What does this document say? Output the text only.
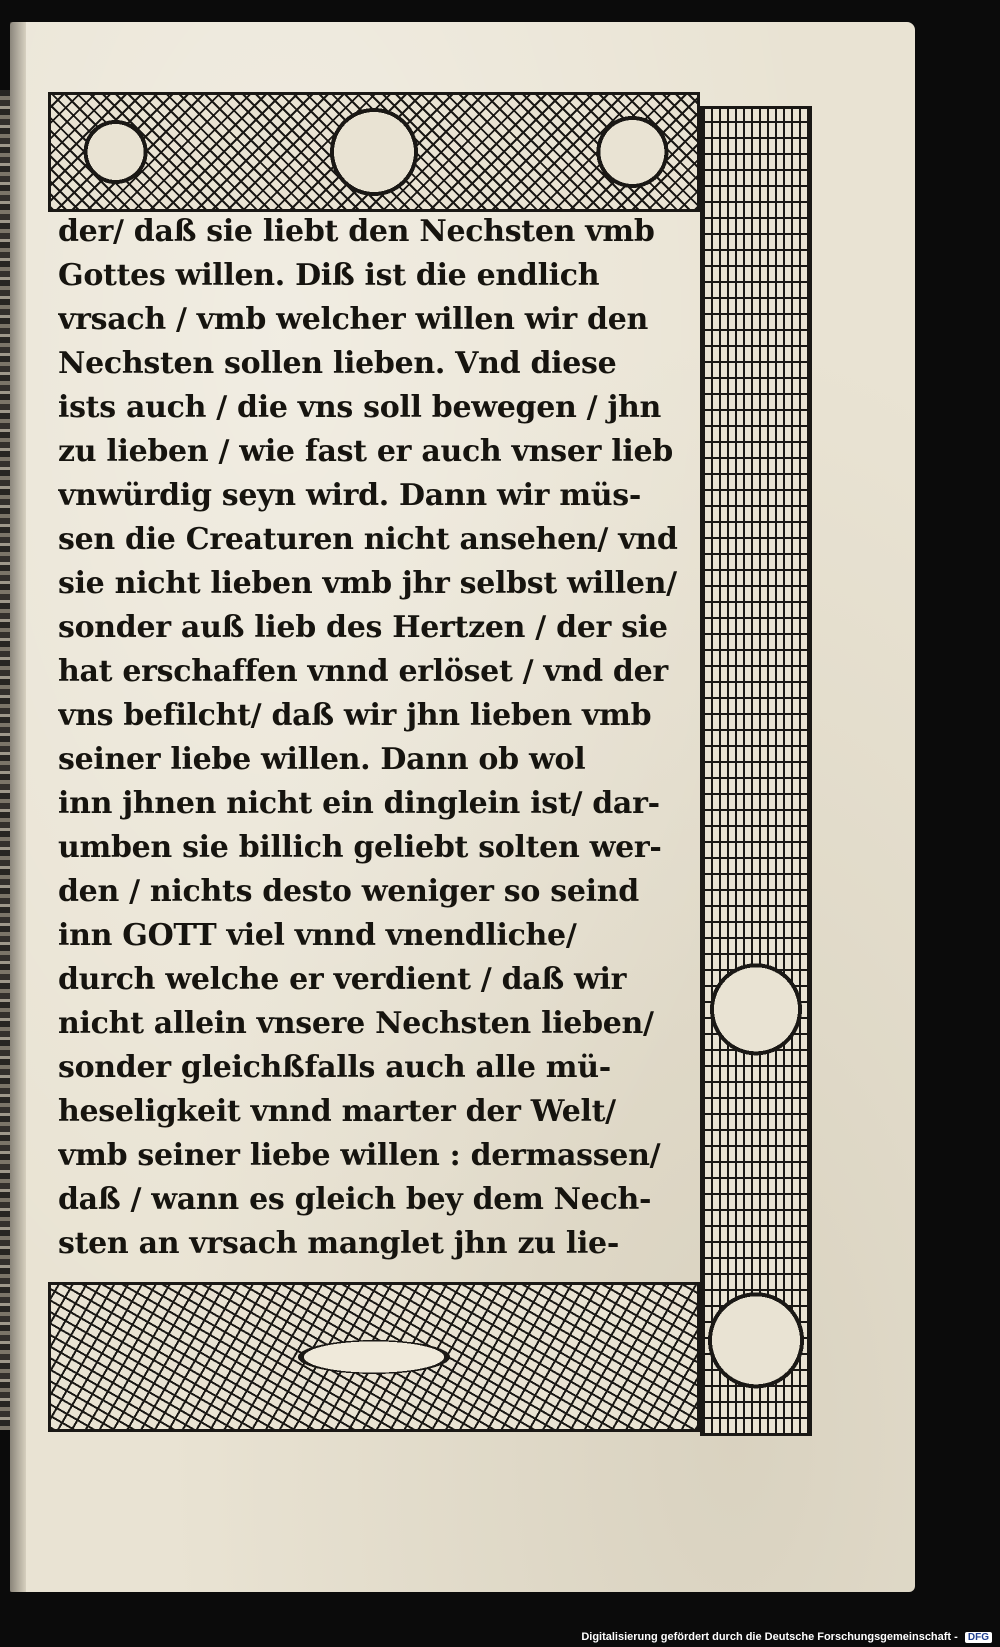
der/ daß sie liebt den Nechsten vmb
Gottes willen. Diß ist die endlich
vrsach / vmb welcher willen wir den
Nechsten sollen lieben. Vnd diese
ists auch / die vns soll bewegen / jhn
zu lieben / wie fast er auch vnser lieb
vnwürdig seyn wird. Dann wir müs-
sen die Creaturen nicht ansehen/ vnd
sie nicht lieben vmb jhr selbst willen/
sonder auß lieb des Hertzen / der sie
hat erschaffen vnnd erlöset / vnd der
vns befilcht/ daß wir jhn lieben vmb
seiner liebe willen. Dann ob wol
inn jhnen nicht ein dinglein ist/ dar-
umben sie billich geliebt solten wer-
den / nichts desto weniger so seind
inn GOTT viel vnnd vnendliche/
durch welche er verdient / daß wir
nicht allein vnsere Nechsten lieben/
sonder gleichßfalls auch alle mü-
heseligkeit vnnd marter der Welt/
vmb seiner liebe willen : dermassen/
daß / wann es gleich bey dem Nech-
sten an vrsach manglet jhn zu lie-
Digitalisierung gefördert durch die Deutsche Forschungsgemeinschaft - DFG
